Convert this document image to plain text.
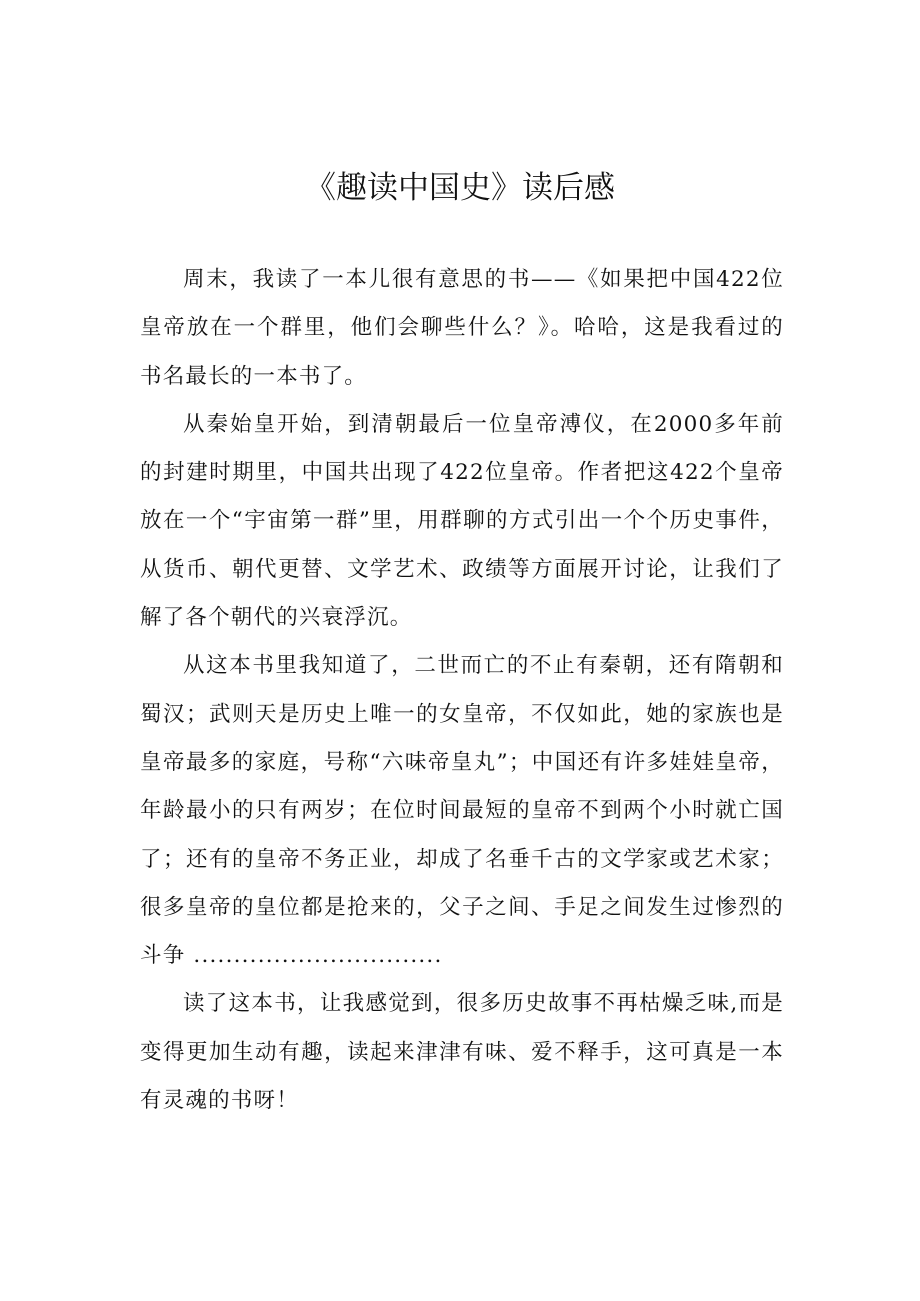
《趣读中国史》读后感

周末，我读了一本儿很有意思的书——《如果把中国422位皇帝放在一个群里，他们会聊些什么？》。哈哈，这是我看过的书名最长的一本书了。

从秦始皇开始，到清朝最后一位皇帝溥仪，在2000多年前的封建时期里，中国共出现了422位皇帝。作者把这422个皇帝放在一个“宇宙第一群”里，用群聊的方式引出一个个历史事件，从货币、朝代更替、文学艺术、政绩等方面展开讨论，让我们了解了各个朝代的兴衰浮沉。

从这本书里我知道了，二世而亡的不止有秦朝，还有隋朝和蜀汉；武则天是历史上唯一的女皇帝，不仅如此，她的家族也是皇帝最多的家庭，号称“六味帝皇丸”；中国还有许多娃娃皇帝，年龄最小的只有两岁；在位时间最短的皇帝不到两个小时就亡国了；还有的皇帝不务正业，却成了名垂千古的文学家或艺术家；很多皇帝的皇位都是抢来的，父子之间、手足之间发生过惨烈的斗争 ...............................

读了这本书，让我感觉到，很多历史故事不再枯燥乏味,而是变得更加生动有趣，读起来津津有味、爱不释手，这可真是一本有灵魂的书呀！
